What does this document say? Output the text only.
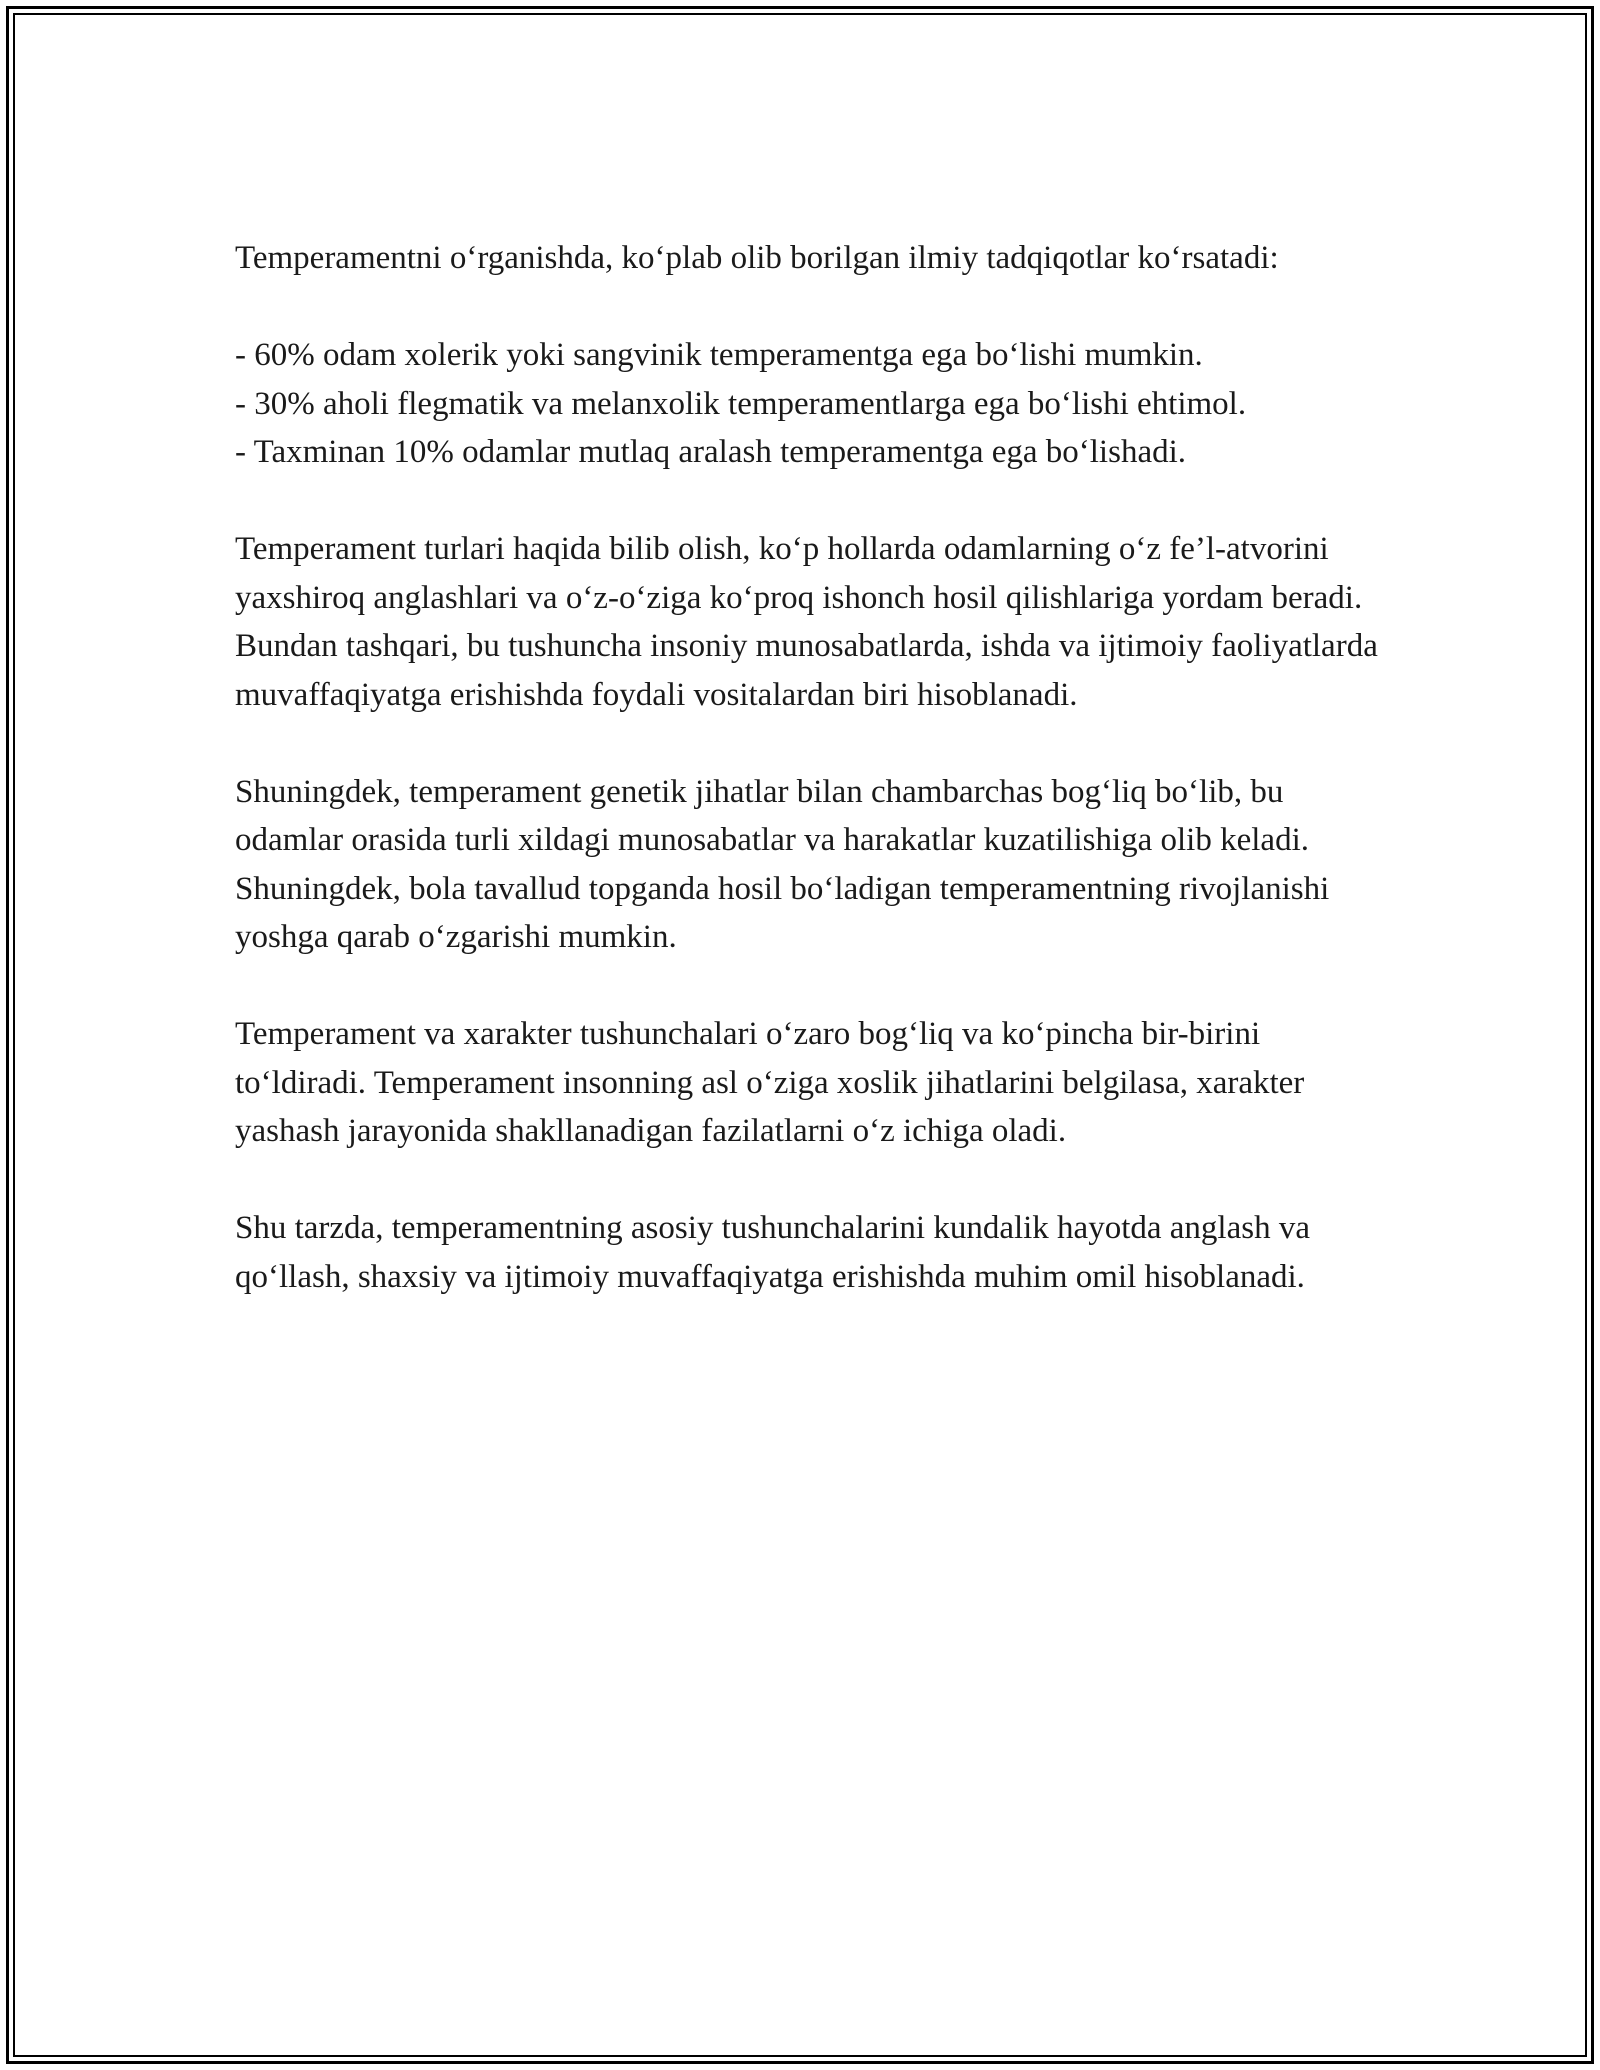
Temperamentni o‘rganishda, ko‘plab olib borilgan ilmiy tadqiqotlar ko‘rsatadi:

- 60% odam xolerik yoki sangvinik temperamentga ega bo‘lishi mumkin.
- 30% aholi flegmatik va melanxolik temperamentlarga ega bo‘lishi ehtimol.
- Taxminan 10% odamlar mutlaq aralash temperamentga ega bo‘lishadi.

Temperament turlari haqida bilib olish, ko‘p hollarda odamlarning o‘z fe’l-atvorini yaxshiroq anglashlari va o‘z-o‘ziga ko‘proq ishonch hosil qilishlariga yordam beradi. Bundan tashqari, bu tushuncha insoniy munosabatlarda, ishda va ijtimoiy faoliyatlarda muvaffaqiyatga erishishda foydali vositalardan biri hisoblanadi.

Shuningdek, temperament genetik jihatlar bilan chambarchas bog‘liq bo‘lib, bu odamlar orasida turli xildagi munosabatlar va harakatlar kuzatilishiga olib keladi. Shuningdek, bola tavallud topganda hosil bo‘ladigan temperamentning rivojlanishi yoshga qarab o‘zgarishi mumkin.

Temperament va xarakter tushunchalari o‘zaro bog‘liq va ko‘pincha bir-birini to‘ldiradi. Temperament insonning asl o‘ziga xoslik jihatlarini belgilasa, xarakter yashash jarayonida shakllanadigan fazilatlarni o‘z ichiga oladi.

Shu tarzda, temperamentning asosiy tushunchalarini kundalik hayotda anglash va qo‘llash, shaxsiy va ijtimoiy muvaffaqiyatga erishishda muhim omil hisoblanadi.
